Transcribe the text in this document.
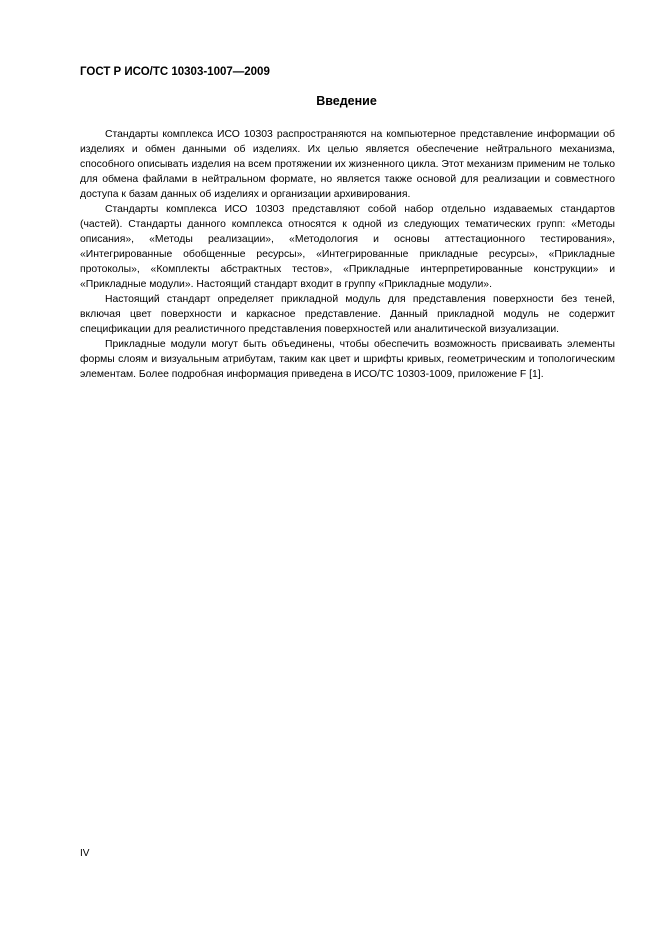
ГОСТ Р ИСО/ТС 10303-1007—2009
Введение

Стандарты комплекса ИСО 10303 распространяются на компьютерное представление информации об изделиях и обмен данными об изделиях. Их целью является обеспечение нейтрального механизма, способного описывать изделия на всем протяжении их жизненного цикла. Этот механизм применим не только для обмена файлами в нейтральном формате, но является также основой для реализации и совместного доступа к базам данных об изделиях и организации архивирования.

Стандарты комплекса ИСО 10303 представляют собой набор отдельно издаваемых стандартов (частей). Стандарты данного комплекса относятся к одной из следующих тематических групп: «Методы описания», «Методы реализации», «Методология и основы аттестационного тестирования», «Интегрированные обобщенные ресурсы», «Интегрированные прикладные ресурсы», «Прикладные протоколы», «Комплекты абстрактных тестов», «Прикладные интерпретированные конструкции» и «Прикладные модули». Настоящий стандарт входит в группу «Прикладные модули».

Настоящий стандарт определяет прикладной модуль для представления поверхности без теней, включая цвет поверхности и каркасное представление. Данный прикладной модуль не содержит спецификации для реалистичного представления поверхностей или аналитической визуализации.

Прикладные модули могут быть объединены, чтобы обеспечить возможность присваивать элементы формы слоям и визуальным атрибутам, таким как цвет и шрифты кривых, геометрическим и топологическим элементам. Более подробная информация приведена в ИСО/ТС 10303-1009, приложение F [1].

IV
